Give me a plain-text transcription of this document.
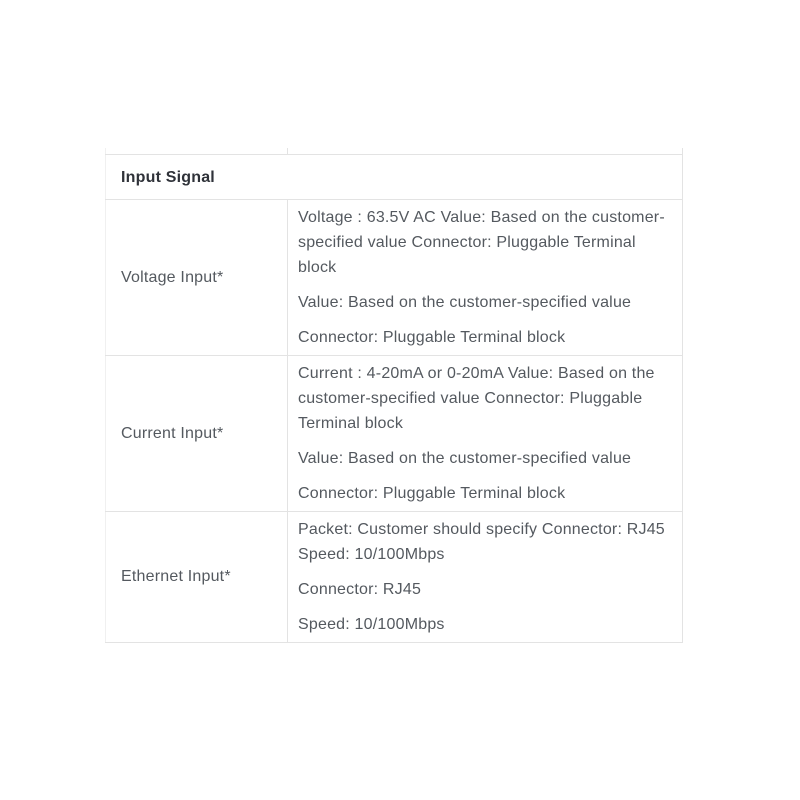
Input Signal	
Voltage Input*	Voltage : 63.5V AC Value: Based on the customer-specified value Connector: Pluggable Terminal block

Value: Based on the customer-specified value

Connector: Pluggable Terminal block

Current Input*	Current : 4-20mA or 0-20mA Value: Based on the customer-specified value Connector: Pluggable Terminal block

Value: Based on the customer-specified value

Connector: Pluggable Terminal block

Ethernet Input*	Packet: Customer should specify Connector: RJ45 Speed: 10/100Mbps

Connector: RJ45

Speed: 10/100Mbps
